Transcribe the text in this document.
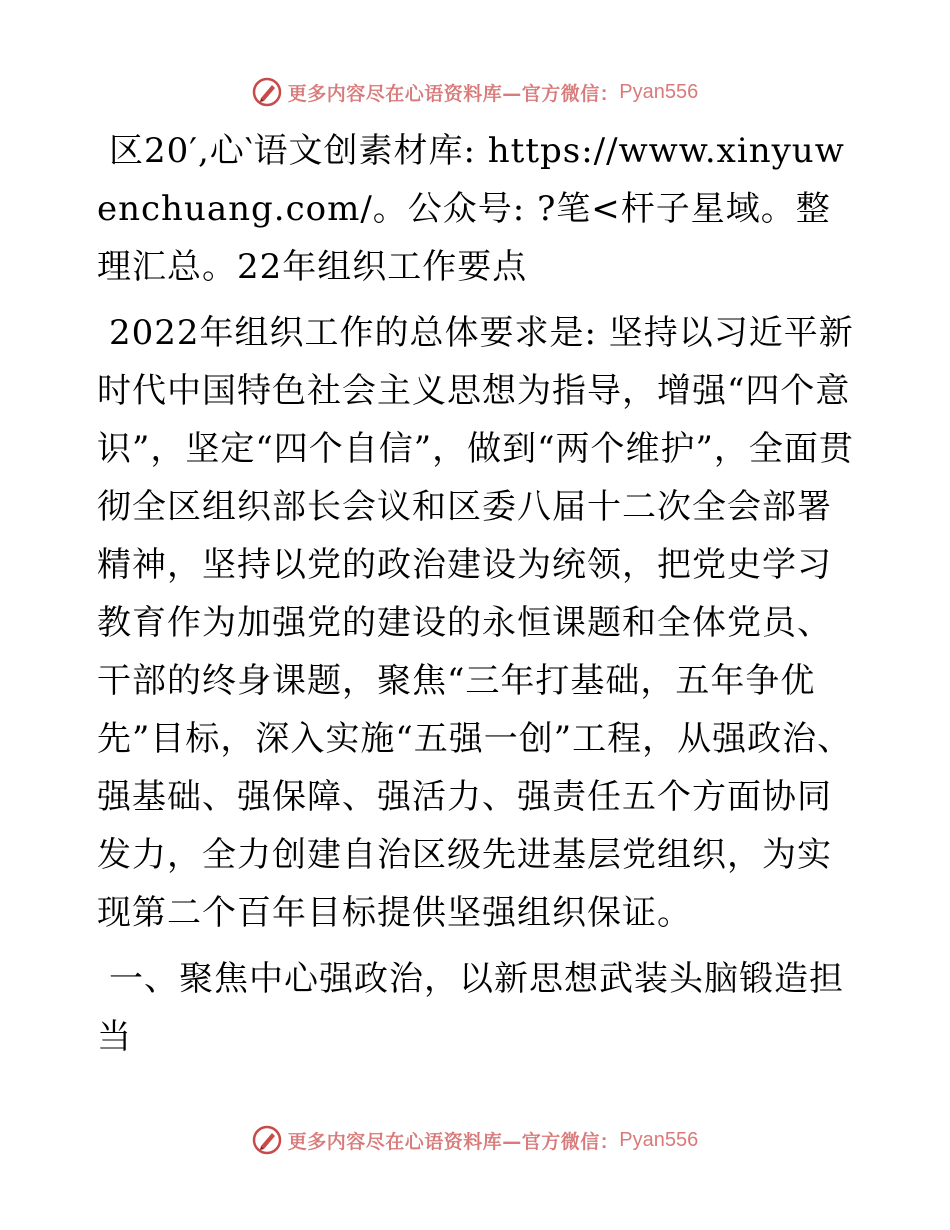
更多内容尽在心语资料库—官方微信： Pyan556

区20′,心‵语文创素材库: https://www.xinyuwenchuang.com/。公众号: ?笔<杆子星域。整理汇总。22年组织工作要点

2022年组织工作的总体要求是: 坚持以习近平新时代中国特色社会主义思想为指导，增强“四个意识”，坚定“四个自信”，做到“两个维护”，全面贯彻全区组织部长会议和区委八届十二次全会部署精神，坚持以党的政治建设为统领，把党史学习教育作为加强党的建设的永恒课题和全体党员、干部的终身课题，聚焦“三年打基础，五年争优先”目标，深入实施“五强一创”工程，从强政治、强基础、强保障、强活力、强责任五个方面协同发力，全力创建自治区级先进基层党组织，为实现第二个百年目标提供坚强组织保证。

一、聚焦中心强政治，以新思想武装头脑锻造担当

更多内容尽在心语资料库—官方微信： Pyan556
